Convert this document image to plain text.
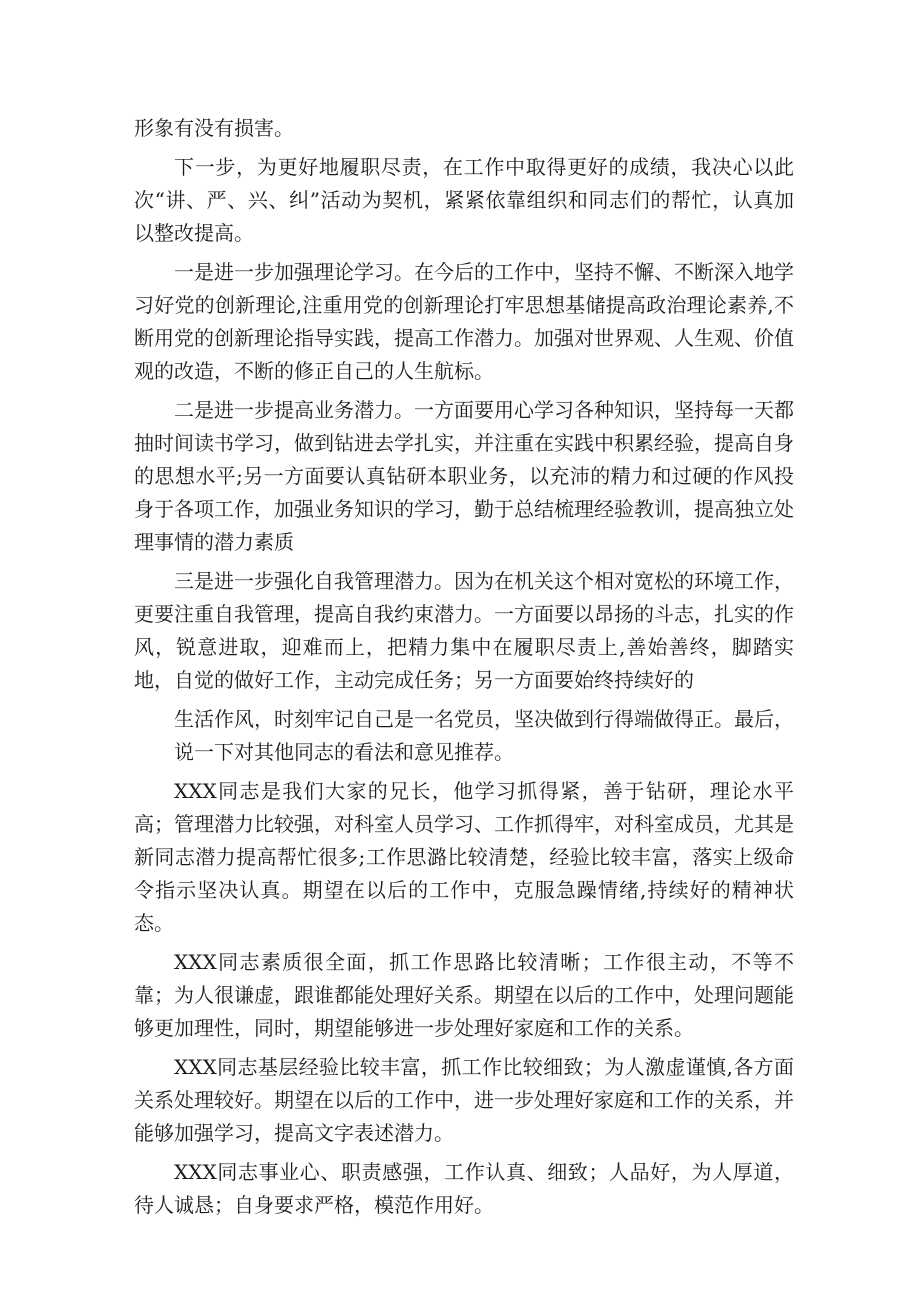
形象有没有损害。

下一步，为更好地履职尽责，在工作中取得更好的成绩，我决心以此次“讲、严、兴、纠”活动为契机，紧紧依靠组织和同志们的帮忙，认真加以整改提高。

一是进一步加强理论学习。在今后的工作中，坚持不懈、不断深入地学习好党的创新理论,注重用党的创新理论打牢思想基储提高政治理论素养,不断用党的创新理论指导实践，提高工作潜力。加强对世界观、人生观、价值观的改造，不断的修正自己的人生航标。

二是进一步提高业务潜力。一方面要用心学习各种知识，坚持每一天都抽时间读书学习，做到钻进去学扎实，并注重在实践中积累经验，提高自身的思想水平;另一方面要认真钻研本职业务，以充沛的精力和过硬的作风投身于各项工作，加强业务知识的学习，勤于总结梳理经验教训，提高独立处理事情的潜力素质

三是进一步强化自我管理潜力。因为在机关这个相对宽松的环境工作，更要注重自我管理，提高自我约束潜力。一方面要以昂扬的斗志，扎实的作风，锐意进取，迎难而上，把精力集中在履职尽责上,善始善终，脚踏实地，自觉的做好工作，主动完成任务；另一方面要始终持续好的

生活作风，时刻牢记自己是一名党员，坚决做到行得端做得正。最后，说一下对其他同志的看法和意见推荐。

XXX同志是我们大家的兄长，他学习抓得紧，善于钻研，理论水平高；管理潜力比较强，对科室人员学习、工作抓得牢，对科室成员，尤其是新同志潜力提高帮忙很多;工作思潞比较清楚，经验比较丰富，落实上级命令指示坚决认真。期望在以后的工作中，克服急躁情绪,持续好的精神状态。

XXX同志素质很全面，抓工作思路比较清晰；工作很主动，不等不靠；为人很谦虚，跟谁都能处理好关系。期望在以后的工作中，处理问题能够更加理性，同时，期望能够进一步处理好家庭和工作的关系。

XXX同志基层经验比较丰富，抓工作比较细致；为人激虚谨慎,各方面关系处理较好。期望在以后的工作中，进一步处理好家庭和工作的关系，并能够加强学习，提高文字表述潜力。

XXX同志事业心、职责感强，工作认真、细致；人品好，为人厚道，待人诚恳；自身要求严格，模范作用好。
